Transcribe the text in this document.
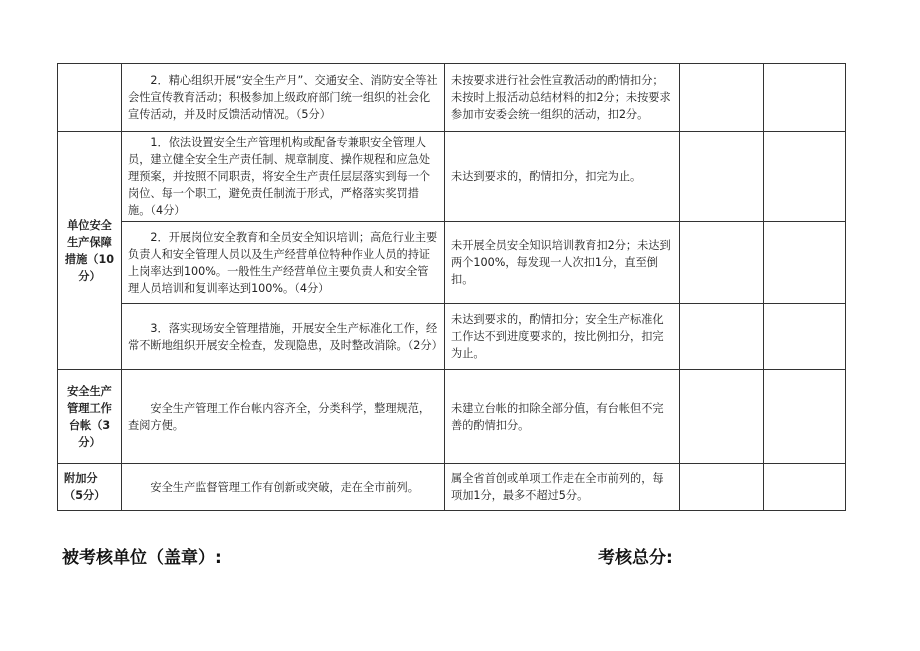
	2．精心组织开展“安全生产月”、交通安全、消防安全等社会性宣传教育活动；积极参加上级政府部门统一组织的社会化宣传活动，并及时反馈活动情况。（5分）	未按要求进行社会性宣教活动的酌情扣分；未按时上报活动总结材料的扣2分；未按要求参加市安委会统一组织的活动，扣2分。		
单位安全生产保障措施（10分）	1．依法设置安全生产管理机构或配备专兼职安全管理人员，建立健全安全生产责任制、规章制度、操作规程和应急处理预案，并按照不同职责，将安全生产责任层层落实到每一个岗位、每一个职工，避免责任制流于形式，严格落实奖罚措施。（4分）	未达到要求的，酌情扣分，扣完为止。		
	2．开展岗位安全教育和全员安全知识培训；高危行业主要负责人和安全管理人员以及生产经营单位特种作业人员的持证上岗率达到100%。一般性生产经营单位主要负责人和安全管理人员培训和复训率达到100%。（4分）	未开展全员安全知识培训教育扣2分；未达到两个100%，每发现一人次扣1分，直至倒扣。		
	3．落实现场安全管理措施，开展安全生产标准化工作，经常不断地组织开展安全检查，发现隐患，及时整改消除。（2分）	未达到要求的，酌情扣分；安全生产标准化工作达不到进度要求的，按比例扣分，扣完为止。		
安全生产管理工作台帐（3分）	安全生产管理工作台帐内容齐全，分类科学，整理规范，查阅方便。	未建立台帐的扣除全部分值，有台帐但不完善的酌情扣分。		
附加分（5分）	安全生产监督管理工作有创新或突破，走在全市前列。	属全省首创或单项工作走在全市前列的，每项加1分，最多不超过5分。		
被考核单位（盖章）:	考核总分:
